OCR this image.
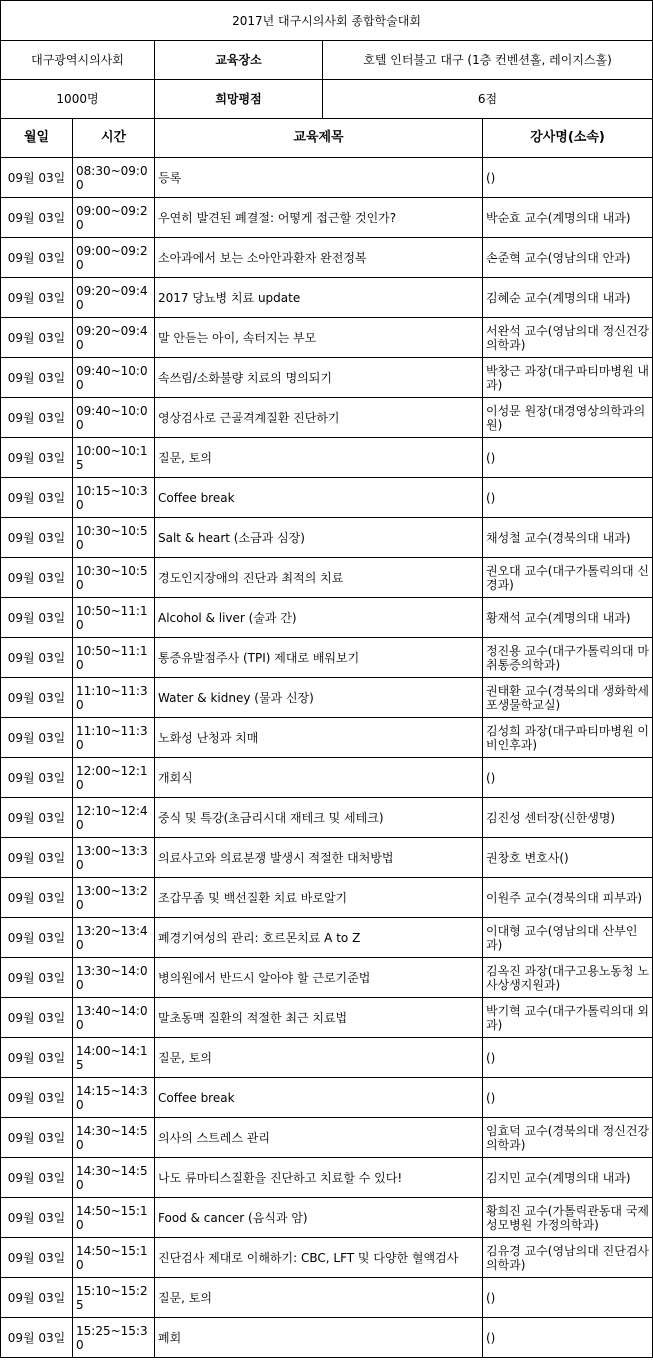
2017년 대구시의사회 종합학술대회				
대구광역시의사회		교육장소	호텔 인터불고 대구 (1층 컨벤션홀, 레이지스홀)	
1000명		희망평점	6점	
월일	시간	교육제목		강사명(소속)
09월 03일	08:30~09:00	등록		()
09월 03일	09:00~09:20	우연히 발견된 폐결절: 어떻게 접근할 것인가?		박순효 교수(계명의대 내과)
09월 03일	09:00~09:20	소아과에서 보는 소아안과환자 완전정복		손준혁 교수(영남의대 안과)
09월 03일	09:20~09:40	2017 당뇨병 치료 update		김혜순 교수(계명의대 내과)
09월 03일	09:20~09:40	말 안듣는 아이, 속터지는 부모		서완석 교수(영남의대 정신건강의학과)
09월 03일	09:40~10:00	속쓰림/소화불량 치료의 명의되기		박창근 과장(대구파티마병원 내과)
09월 03일	09:40~10:00	영상검사로 근골격계질환 진단하기		이성문 원장(대경영상의학과의원)
09월 03일	10:00~10:15	질문, 토의		()
09월 03일	10:15~10:30	Coffee break		()
09월 03일	10:30~10:50	Salt & heart (소금과 심장)		채성철 교수(경북의대 내과)
09월 03일	10:30~10:50	경도인지장애의 진단과 최적의 치료		권오대 교수(대구가톨릭의대 신경과)
09월 03일	10:50~11:10	Alcohol & liver (술과 간)		황재석 교수(계명의대 내과)
09월 03일	10:50~11:10	통증유발점주사 (TPI) 제대로 배워보기		정진용 교수(대구가톨릭의대 마취통증의학과)
09월 03일	11:10~11:30	Water & kidney (물과 신장)		권태환 교수(경북의대 생화학세포생물학교실)
09월 03일	11:10~11:30	노화성 난청과 치매		김성희 과장(대구파티마병원 이비인후과)
09월 03일	12:00~12:10	개회식		()
09월 03일	12:10~12:40	중식 및 특강(초금리시대 재테크 및 세테크)		김진성 센터장(신한생명)
09월 03일	13:00~13:30	의료사고와 의료분쟁 발생시 적절한 대처방법		권창호 변호사()
09월 03일	13:00~13:20	조갑무좀 및 백선질환 치료 바로알기		이원주 교수(경북의대 피부과)
09월 03일	13:20~13:40	폐경기여성의 관리: 호르몬치료 A to Z		이대형 교수(영남의대 산부인과)
09월 03일	13:30~14:00	병의원에서 반드시 알아야 할 근로기준법		김옥진 과장(대구고용노동청 노사상생지원과)
09월 03일	13:40~14:00	말초동맥 질환의 적절한 최근 치료법		박기혁 교수(대구가톨릭의대 외과)
09월 03일	14:00~14:15	질문, 토의		()
09월 03일	14:15~14:30	Coffee break		()
09월 03일	14:30~14:50	의사의 스트레스 관리		임효덕 교수(경북의대 정신건강의학과)
09월 03일	14:30~14:50	나도 류마티스질환을 진단하고 치료할 수 있다!		김지민 교수(계명의대 내과)
09월 03일	14:50~15:10	Food & cancer (음식과 암)		황희진 교수(가톨릭관동대 국제성모병원 가정의학과)
09월 03일	14:50~15:10	진단검사 제대로 이해하기: CBC, LFT 및 다양한 혈액검사		김유경 교수(영남의대 진단검사의학과)
09월 03일	15:10~15:25	질문, 토의		()
09월 03일	15:25~15:30	폐회		()
